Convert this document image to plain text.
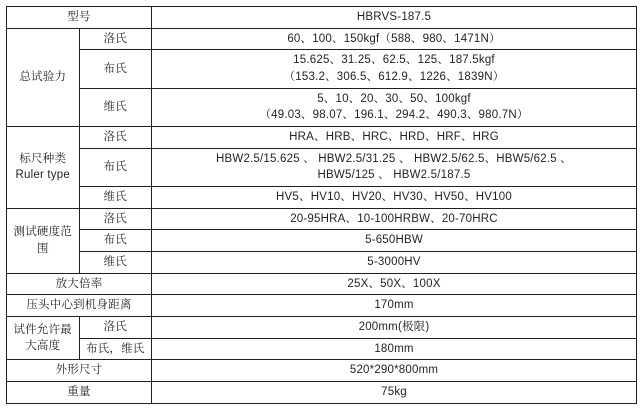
型号		HBRVS-187.5
总试验力	洛氏	60、100、150kgf（588、980、1471N）
	布氏	15.625、31.25、62.5、125、187.5kgf
（153.2、306.5、612.9、1226、1839N）

	维氏	5、10、20、30、50、100kgf
（49.03、98.07、196.1、294.2、490.3、980.7N）

标尺种类
Ruler type	洛氏	HRA、HRB、HRC、HRD、HRF、HRG
	布氏	HBW2.5/15.625 、 HBW2.5/31.25 、 HBW2.5/62.5、HBW5/62.5 、
HBW5/125 、 HBW2.5/187.5

	维氏	HV5、HV10、HV20、HV30、HV50、HV100
测试硬度范围	洛氏	20-95HRA、10-100HRBW、20-70HRC
	布氏	5-650HBW
	维氏	5-3000HV
放大倍率		25X、50X、100X
压头中心到机身距离		170mm
试件允许最大高度	洛氏	200mm(极限)
	布氏，维氏	180mm
外形尺寸		520*290*800mm
重量		75kg
